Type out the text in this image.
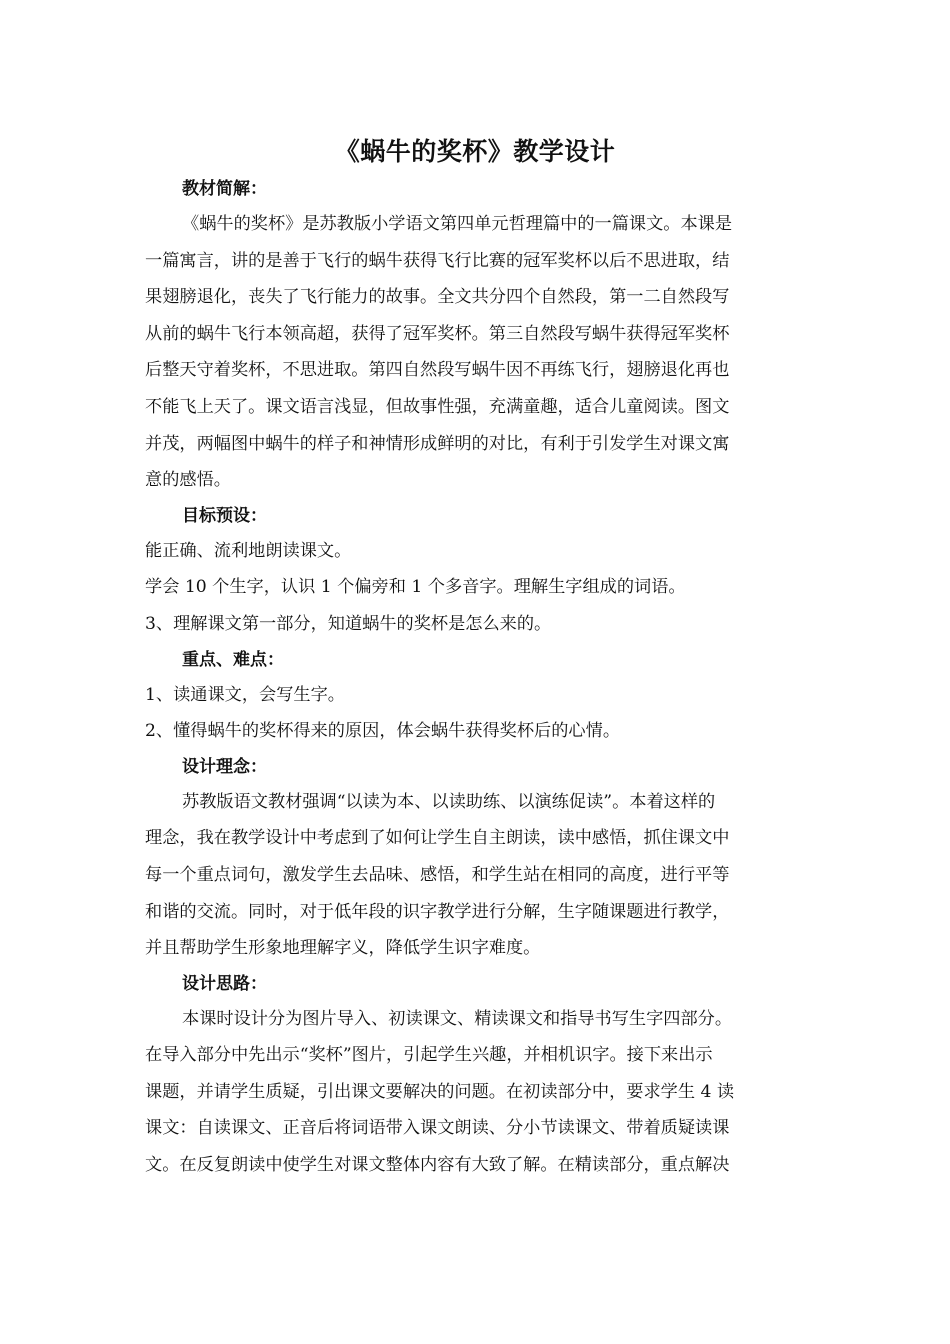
《蜗牛的奖杯》教学设计
教材简解：
《蜗牛的奖杯》是苏教版小学语文第四单元哲理篇中的一篇课文。本课是
一篇寓言，讲的是善于飞行的蜗牛获得飞行比赛的冠军奖杯以后不思进取，结
果翅膀退化，丧失了飞行能力的故事。全文共分四个自然段，第一二自然段写
从前的蜗牛飞行本领高超，获得了冠军奖杯。第三自然段写蜗牛获得冠军奖杯
后整天守着奖杯，不思进取。第四自然段写蜗牛因不再练飞行，翅膀退化再也
不能飞上天了。课文语言浅显，但故事性强，充满童趣，适合儿童阅读。图文
并茂，两幅图中蜗牛的样子和神情形成鲜明的对比，有利于引发学生对课文寓
意的感悟。
目标预设：
能正确、流利地朗读课文。
学会 10 个生字，认识 1 个偏旁和 1 个多音字。理解生字组成的词语。
3、理解课文第一部分，知道蜗牛的奖杯是怎么来的。
重点、难点：
1、读通课文，会写生字。
2、懂得蜗牛的奖杯得来的原因，体会蜗牛获得奖杯后的心情。
设计理念：
苏教版语文教材强调“以读为本、以读助练、以演练促读”。本着这样的
理念，我在教学设计中考虑到了如何让学生自主朗读，读中感悟，抓住课文中
每一个重点词句，激发学生去品味、感悟，和学生站在相同的高度，进行平等
和谐的交流。同时，对于低年段的识字教学进行分解，生字随课题进行教学，
并且帮助学生形象地理解字义，降低学生识字难度。
设计思路：
本课时设计分为图片导入、初读课文、精读课文和指导书写生字四部分。
在导入部分中先出示“奖杯”图片，引起学生兴趣，并相机识字。接下来出示
课题，并请学生质疑，引出课文要解决的问题。在初读部分中，要求学生 4 读
课文：自读课文、正音后将词语带入课文朗读、分小节读课文、带着质疑读课
文。在反复朗读中使学生对课文整体内容有大致了解。在精读部分，重点解决
